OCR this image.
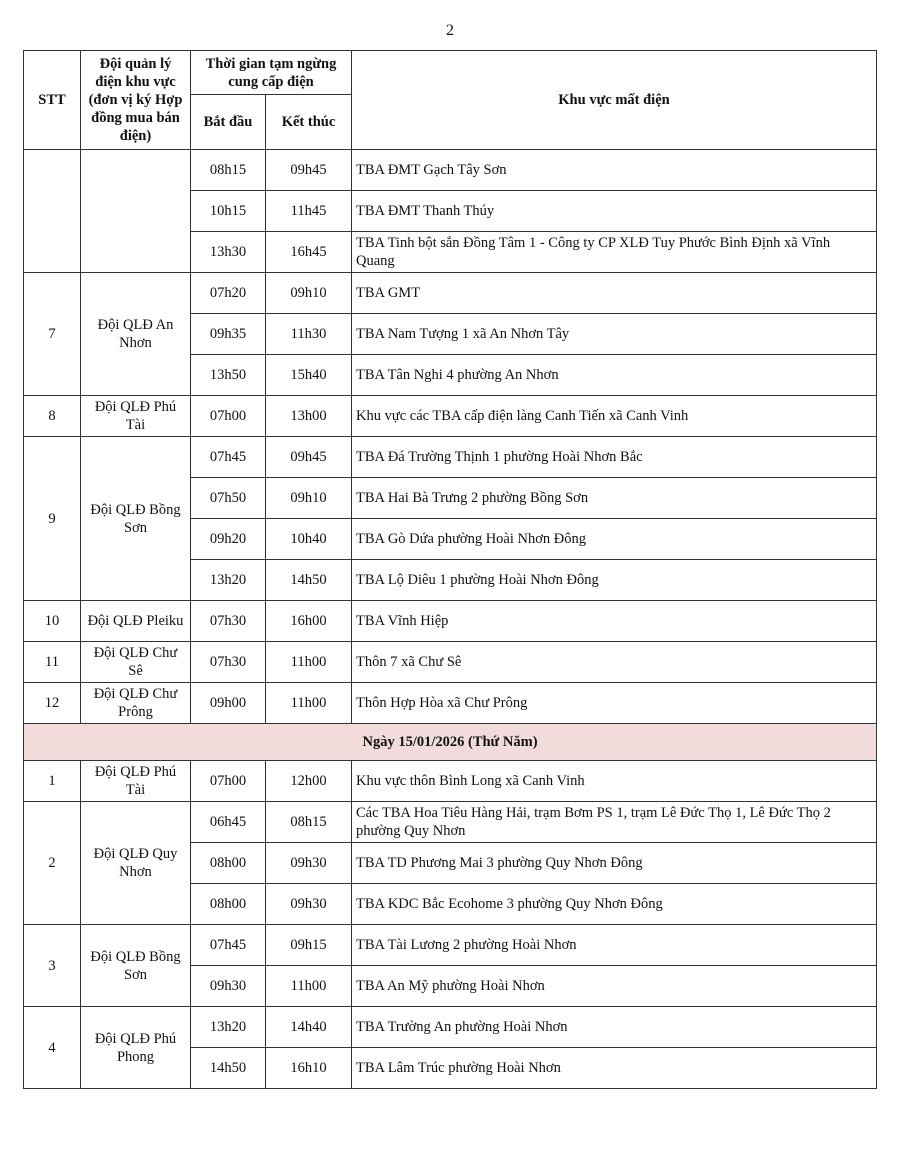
2
STT	Đội quản lý điện khu vực (đơn vị ký Hợp đồng mua bán điện)	Thời gian tạm ngừng cung cấp điện		Khu vực mất điện
		Bắt đầu	Kết thúc	
		08h15	09h45	TBA ĐMT Gạch Tây Sơn
		10h15	11h45	TBA ĐMT Thanh Thúy
		13h30	16h45	TBA Tinh bột sắn Đồng Tâm 1 - Công ty CP XLĐ Tuy Phước Bình Định xã Vĩnh Quang
7	Đội QLĐ An Nhơn	07h20	09h10	TBA GMT
		09h35	11h30	TBA Nam Tượng 1 xã An Nhơn Tây
		13h50	15h40	TBA Tân Nghi 4 phường An Nhơn
8	Đội QLĐ Phú Tài	07h00	13h00	Khu vực các TBA cấp điện làng Canh Tiến xã Canh Vinh
9	Đội QLĐ Bồng Sơn	07h45	09h45	TBA Đá Trường Thịnh 1 phường Hoài Nhơn Bắc
		07h50	09h10	TBA Hai Bà Trưng 2 phường Bồng Sơn
		09h20	10h40	TBA Gò Dứa phường Hoài Nhơn Đông
		13h20	14h50	TBA Lộ Diêu 1 phường Hoài Nhơn Đông
10	Đội QLĐ Pleiku	07h30	16h00	TBA Vĩnh Hiệp
11	Đội QLĐ Chư Sê	07h30	11h00	Thôn 7 xã Chư Sê
12	Đội QLĐ Chư Prông	09h00	11h00	Thôn Hợp Hòa xã Chư Prông
Ngày 15/01/2026 (Thứ Năm)				
1	Đội QLĐ Phú Tài	07h00	12h00	Khu vực thôn Bình Long xã Canh Vinh
2	Đội QLĐ Quy Nhơn	06h45	08h15	Các TBA Hoa Tiêu Hàng Hải, trạm Bơm PS 1, trạm Lê Đức Thọ 1, Lê Đức Thọ 2 phường Quy Nhơn
		08h00	09h30	TBA TD Phương Mai 3 phường Quy Nhơn Đông
		08h00	09h30	TBA KDC Bắc Ecohome 3 phường Quy Nhơn Đông
3	Đội QLĐ Bồng Sơn	07h45	09h15	TBA Tài Lương 2 phường Hoài Nhơn
		09h30	11h00	TBA An Mỹ phường Hoài Nhơn
4	Đội QLĐ Phú Phong	13h20	14h40	TBA Trường An phường Hoài Nhơn
		14h50	16h10	TBA Lâm Trúc phường Hoài Nhơn
